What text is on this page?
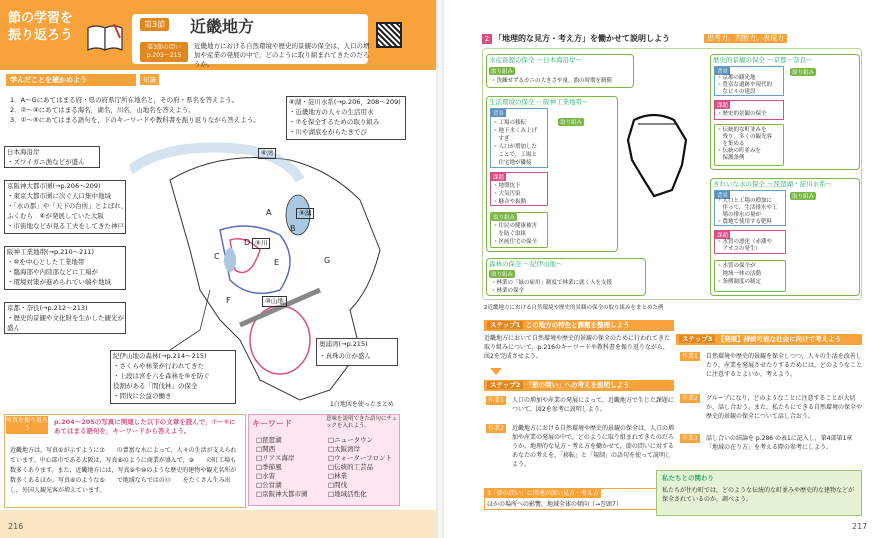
節の学習を振り返ろう
第3節 近畿地方
第3節の問い p.203～215
近畿地方における自然環境や歴史的景観の保全は，人口の増加や産業の発展の中で，どのように取り組まれてきたのだろうか。
学んだことを確かめよう	知識
1．A～Gにあてはまる府・県の府県庁所在地名と，その府・県名を答えよう。
2．②～④にあてはまる海名，湖名，川名，山地名を答えよう。
3．①～⑤にあてはまる語句を，下のキーワードや教科書を振り返りながら答えよう。
A
B
C
D
E
F
G
⑥湾
⑧湖
⑨川
⑩山地
⑥湖・淀川水系(→p.206，208～209)
・近畿地方の人々の生活用水
・⑦を保全するための取り組み
・川や湖底をがらたきでび
日本海沿岸
・ズワイガニ漁などが盛ん
京阪神大都市圏(→p.206～209)
・東京大都市圏に次ぐ人口集中地域
・「水の都」や「天下の台所」とよばれ，
ふくむら　④が発展していた大阪
・市街地などが見る工夫をしてきた神戸
阪神工業地帯(→p.210～211)
・⑩を中心とした工業地帯
・臨海部や内陸部などに工場が
・環境対策が進められてい端や地域
京都・奈良(→p.212～213)
・歴史的景観や文化財を生かした観光が
盛ん
紀伊山地の森林(→p.214～215)
・さくらや林業が行われてきた
・上段は宮を六を森林を⑤を防ぐ
役割がある「間伐林」の保全
・間伐に公益の働き
奥浦湾(→p.215)
・真珠の⑪が盛ん
1白地図を使ったまとめ
写真を振り返ろう
p.204～205の写真に関連した以下の文章を読んで，⑦～⑤にあてはまる語句を，キーワードから答えよう。
近畿地方は，写真①が示すように⑦　　の豊富な水によって，人々の生活が支えられています。中心部市である大阪は，写真⑧のように商業が盛んで，⑨　　の町工場も数多くあります。また，近畿地方には，写真⑨や⑩のような歴史的建物や観光名所が数多くあるほか，写真⑥のような⑤　　で地域ならではの⑬　　をたくさん生み出し，外国人観光客が増えています。
キーワード	意味を説明できた語句にチェックを入れよう。
□琵琶湖
□関西
□リアス海岸
□季節風
□水害
□公営湖
□京阪神大都市圏
□ニュータウン
□大阪湾岸
□ウォーターフロント
□伝統的工芸品
□林業
□間伐
□地域活性化
216
2 「地理的な見方・考え方」を働かせて説明しよう	思考力，判断力，表現力
水産資源の保全 ～日本海沿岸～
取り組み
・洗練せずるカニの大きさや量，漁の時期を制限
生活環境の保全 ～阪神工業地帯～
背景
・工場の移転
・地下水くみ上げ
　すぎ
・人口が増加した
　ことで，工場と
　住宅地が隣接
課題
・地盤沈下
・大気汚染
・騒音や振動
取り組み
・住民の健康被害
　を防ぐ取組
・区画住宅の保全
取り組み
森林の保全 ～紀伊山地～
取り組み
・林業の「緑の雇用」制度で林業に就く人を支援
・林業の保全
歴史的景観の保全 ～京都・奈良～
背景
・京都の観光地
・豊富な遺跡や現代的
　なビルの建設
課題
・歴史的景観の保全
・伝統的な町並みを
　残り，多くの観光客
　を集める
・伝統の町並みを
　保護条例
取り組み
きれいな水の保全 ～琵琶湖・淀川水系～
背景
・人口と工場の増加に
　伴って，生活排水や工
　場の排水の量が
・農地で使用する肥料
課題
・水質の悪化（赤潮や
　アオコの発生）
・水質の保全が
　地域一体の活動
・条例制度の制定
取り組み
2近畿地方における自然環境や歴史的景観の保全の取り組みをまとめた例
ステップ1 この地方の特色と課題を整理しよう
近畿地方において自然環境や歴史的景観の保全のために行われてきた取り組みについて，p.216のキーワードや教科書を振り返りながら，図2を完成させよう。
ステップ2 「節の問い」への考えを説明しよう
作業1	人口の増加や産業の発展によって，近畿地方で生じた課題について，図2を参考に説明しよう。
作業2	近畿地方における自然環境や歴史的景観の保全は，人口の増加や産業の発展の中で，どのように取り組まれてきたのだろうか。地理的な見方・考え方を働かせて，節の問いに対するあなたの考えを，「移転」と「規制」の語句を使って説明しよう。
3「節の問い」に関連が深い見方・考え方
ほかの場所への影響，地域全体の傾向（→巻頭7）
ステップ3 【発展】持続可能な社会に向けて考えよう
作業1	自然環境や歴史的景観を保全しつつ，人々の生活を改善したり，産業を発展させたりするためには，どのようなことに注意するとよいか，考えよう。
作業2	グループになり，どのようなことに注意することが大切か，話し合おう。また，私たちにできる自然環境の保全や歴史的景観の保全について話し合おう。
作業3	話し合いの結論を p.286 の表1に記入し，第4部第1章「地域の在り方」を考える際の参考にしよう。
私たちとの関わり
私たちが住む町では，どのような伝統的な町並みや歴史的な建物などが保全されているのか，調べよう。
217
